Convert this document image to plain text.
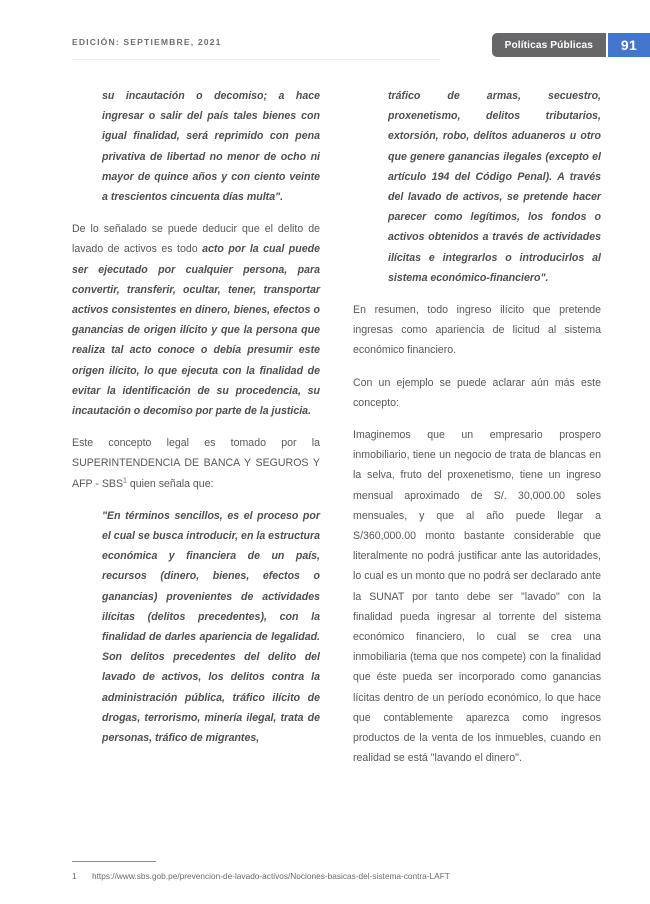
EDICIÓN: SEPTIEMBRE, 2021	Políticas Públicas	91

su incautación o decomiso; a hace ingresar o salir del país tales bienes con igual finalidad, será reprimido con pena privativa de libertad no menor de ocho ni mayor de quince años y con ciento veinte a trescientos cincuenta días multa".

De lo señalado se puede deducir que el delito de lavado de activos es todo acto por la cual puede ser ejecutado por cualquier persona, para convertir, transferir, ocultar, tener, transportar activos consistentes en dinero, bienes, efectos o ganancias de origen ilícito y que la persona que realiza tal acto conoce o debía presumir este origen ilícito, lo que ejecuta con la finalidad de evitar la identificación de su procedencia, su incautación o decomiso por parte de la justicia.

Este concepto legal es tomado por la SUPERINTENDENCIA DE BANCA Y SEGUROS Y AFP - SBS$^1$ quien señala que:

"En términos sencillos, es el proceso por el cual se busca introducir, en la estructura económica y financiera de un país, recursos (dinero, bienes, efectos o ganancias) provenientes de actividades ilícitas (delitos precedentes), con la finalidad de darles apariencia de legalidad. Son delitos precedentes del delito del lavado de activos, los delitos contra la administración pública, tráfico ilícito de drogas, terrorismo, minería ilegal, trata de personas, tráfico de migrantes,

tráfico de armas, secuestro, proxenetismo, delitos tributarios, extorsión, robo, delitos aduaneros u otro que genere ganancias ilegales (excepto el artículo 194 del Código Penal). A través del lavado de activos, se pretende hacer parecer como legítimos, los fondos o activos obtenidos a través de actividades ilícitas e integrarlos o introducirlos al sistema económico-financiero".

En resumen, todo ingreso ilícito que pretende ingresas como apariencia de licitud al sistema económico financiero.

Con un ejemplo se puede aclarar aún más este concepto:

Imaginemos que un empresario prospero inmobiliario, tiene un negocio de trata de blancas en la selva, fruto del proxenetismo, tiene un ingreso mensual aproximado de S/. 30,000.00 soles mensuales, y que al año puede llegar a S/360,000.00 monto bastante considerable que literalmente no podrá justificar ante las autoridades, lo cual es un monto que no podrá ser declarado ante la SUNAT por tanto debe ser "lavado" con la finalidad pueda ingresar al torrente del sistema económico financiero, lo cual se crea una inmobiliaria (tema que nos compete) con la finalidad que éste pueda ser incorporado como ganancias lícitas dentro de un período económico, lo que hace que contablemente aparezca como ingresos productos de la venta de los inmuebles, cuando en realidad se está "lavando el dinero".

1	https://www.sbs.gob.pe/prevencion-de-lavado-activos/Nociones-basicas-del-sistema-contra-LAFT
